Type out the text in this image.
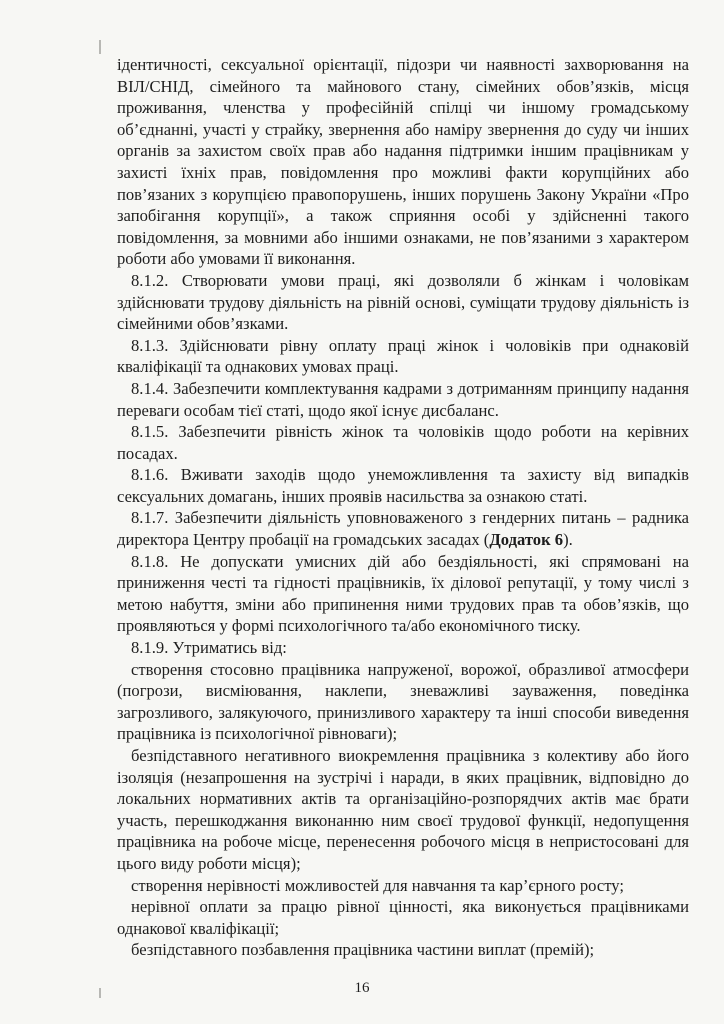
ідентичності, сексуальної орієнтації, підозри чи наявності захворювання на ВІЛ/СНІД, сімейного та майнового стану, сімейних обов’язків, місця проживання, членства у професійній спілці чи іншому громадському об’єднанні, участі у страйку, звернення або наміру звернення до суду чи інших органів за захистом своїх прав або надання підтримки іншим працівникам у захисті їхніх прав, повідомлення про можливі факти корупційних або пов’язаних з корупцією правопорушень, інших порушень Закону України «Про запобігання корупції», а також сприяння особі у здійсненні такого повідомлення, за мовними або іншими ознаками, не пов’язаними з характером роботи або умовами її виконання.

8.1.2. Створювати умови праці, які дозволяли б жінкам і чоловікам здійснювати трудову діяльність на рівній основі, суміщати трудову діяльність із сімейними обов’язками.

8.1.3. Здійснювати рівну оплату праці жінок і чоловіків при однаковій кваліфікації та однакових умовах праці.

8.1.4. Забезпечити комплектування кадрами з дотриманням принципу надання переваги особам тієї статі, щодо якої існує дисбаланс.

8.1.5. Забезпечити рівність жінок та чоловіків щодо роботи на керівних посадах.

8.1.6. Вживати заходів щодо унеможливлення та захисту від випадків сексуальних домагань, інших проявів насильства за ознакою статі.

8.1.7. Забезпечити діяльність уповноваженого з гендерних питань – радника директора Центру пробації на громадських засадах (Додаток 6).

8.1.8. Не допускати умисних дій або бездіяльності, які спрямовані на приниження честі та гідності працівників, їх ділової репутації, у тому числі з метою набуття, зміни або припинення ними трудових прав та обов’язків, що проявляються у формі психологічного та/або економічного тиску.

8.1.9. Утриматись від:

створення стосовно працівника напруженої, ворожої, образливої атмосфери (погрози, висміювання, наклепи, зневажливі зауваження, поведінка загрозливого, залякуючого, принизливого характеру та інші способи виведення працівника із психологічної рівноваги);

безпідставного негативного виокремлення працівника з колективу або його ізоляція (незапрошення на зустрічі і наради, в яких працівник, відповідно до локальних нормативних актів та організаційно-розпорядчих актів має брати участь, перешкоджання виконанню ним своєї трудової функції, недопущення працівника на робоче місце, перенесення робочого місця в непристосовані для цього виду роботи місця);

створення нерівності можливостей для навчання та кар’єрного росту;

нерівної оплати за працю рівної цінності, яка виконується працівниками однакової кваліфікації;

безпідставного позбавлення працівника частини виплат (премій);

16
